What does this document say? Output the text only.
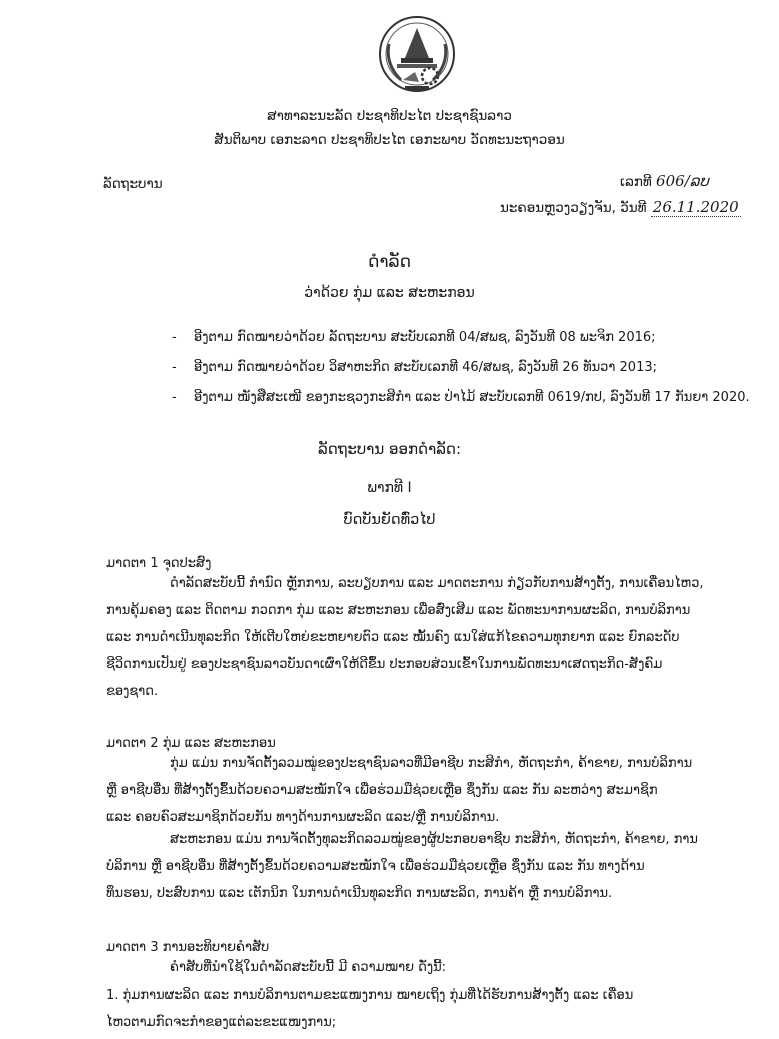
ສາທາລະນະລັດ ປະຊາທິປະໄຕ ປະຊາຊົນລາວ
ສັນຕິພາບ ເອກະລາດ ປະຊາທິປະໄຕ ເອກະພາບ ວັດທະນະຖາວອນ
ລັດຖະບານ	ເລກທີ 606/ລບ
ນະຄອນຫຼວງວຽງຈັນ, ວັນທີ 26.11.2020
ດຳລັດ
ວ່າດ້ວຍ ກຸ່ມ ແລະ ສະຫະກອນ
- ອີງຕາມ ກົດໝາຍວ່າດ້ວຍ ລັດຖະບານ ສະບັບເລກທີ 04/ສພຊ, ລົງວັນທີ 08 ພະຈິກ 2016;
- ອີງຕາມ ກົດໝາຍວ່າດ້ວຍ ວິສາຫະກິດ ສະບັບເລກທີ 46/ສພຊ, ລົງວັນທີ 26 ທັນວາ 2013;
- ອີງຕາມ ໜັງສືສະເໜີ ຂອງກະຊວງກະສິກຳ ແລະ ປ່າໄມ້ ສະບັບເລກທີ 0619/ກປ, ລົງວັນທີ 17 ກັນຍາ 2020.
ລັດຖະບານ ອອກດຳລັດ:
ພາກທີ I
ບົດບັນຍັດທົ່ວໄປ
ມາດຕາ 1 ຈຸດປະສົງ
ດຳລັດສະບັບນີ້ ກຳນົດ ຫຼັກການ, ລະບຽບການ ແລະ ມາດຕະການ ກ່ຽວກັບການສ້າງຕັ້ງ, ການເຄື່ອນໄຫວ,
ການຄຸ້ມຄອງ ແລະ ຕິດຕາມ ກວດກາ ກຸ່ມ ແລະ ສະຫະກອນ ເພື່ອສົ່ງເສີມ ແລະ ພັດທະນາການຜະລິດ, ການບໍລິການ
ແລະ ການດຳເນີນທຸລະກິດ ໃຫ້ເຕີບໃຫຍ່ຂະຫຍາຍຕົວ ແລະ ໝັ້ນຄົງ ແນໃສ່ແກ້ໄຂຄວາມທຸກຍາກ ແລະ ຍົກລະດັບ
ຊີວິດການເປັນຢູ່ ຂອງປະຊາຊົນລາວບັນດາເຜົ່າໃຫ້ດີຂຶ້ນ ປະກອບສ່ວນເຂົ້າໃນການພັດທະນາເສດຖະກິດ-ສັງຄົມ
ຂອງຊາດ.
ມາດຕາ 2 ກຸ່ມ ແລະ ສະຫະກອນ
ກຸ່ມ ແມ່ນ ການຈັດຕັ້ງລວມໝູ່ຂອງປະຊາຊົນລາວທີ່ມີອາຊີບ ກະສິກຳ, ຫັດຖະກຳ, ຄ້າຂາຍ, ການບໍລິການ
ຫຼື ອາຊີບອື່ນ ທີ່ສ້າງຕັ້ງຂຶ້ນດ້ວຍຄວາມສະໝັກໃຈ ເພື່ອຮ່ວມມືຊ່ວຍເຫຼືອ ຊຶ່ງກັນ ແລະ ກັນ ລະຫວ່າງ ສະມາຊິກ
ແລະ ຄອບຄົວສະມາຊິກດ້ວຍກັນ ທາງດ້ານການຜະລິດ ແລະ/ຫຼື ການບໍລິການ.
ສະຫະກອນ ແມ່ນ ການຈັດຕັ້ງທຸລະກິດລວມໝູ່ຂອງຜູ້ປະກອບອາຊີບ ກະສິກຳ, ຫັດຖະກຳ, ຄ້າຂາຍ, ການ
ບໍລິການ ຫຼື ອາຊີບອື່ນ ທີ່ສ້າງຕັ້ງຂຶ້ນດ້ວຍຄວາມສະໝັກໃຈ ເພື່ອຮ່ວມມືຊ່ວຍເຫຼືອ ຊຶ່ງກັນ ແລະ ກັນ ທາງດ້ານ
ທຶນຮອນ, ປະສົບການ ແລະ ເຕັກນິກ ໃນການດຳເນີນທຸລະກິດ ການຜະລິດ, ການຄ້າ ຫຼື ການບໍລິການ.
ມາດຕາ 3 ການອະທິບາຍຄຳສັບ
ຄຳສັບທີ່ນຳໃຊ້ໃນດຳລັດສະບັບນີ້ ມີ ຄວາມໝາຍ ດັ່ງນີ້:
1. ກຸ່ມການຜະລິດ ແລະ ການບໍລິການຕາມຂະແໜງການ ໝາຍເຖິງ ກຸ່ມທີ່ໄດ້ຮັບການສ້າງຕັ້ງ ແລະ ເຄື່ອນ
ໄຫວຕາມກົດຈະກຳຂອງແຕ່ລະຂະແໜງການ;
